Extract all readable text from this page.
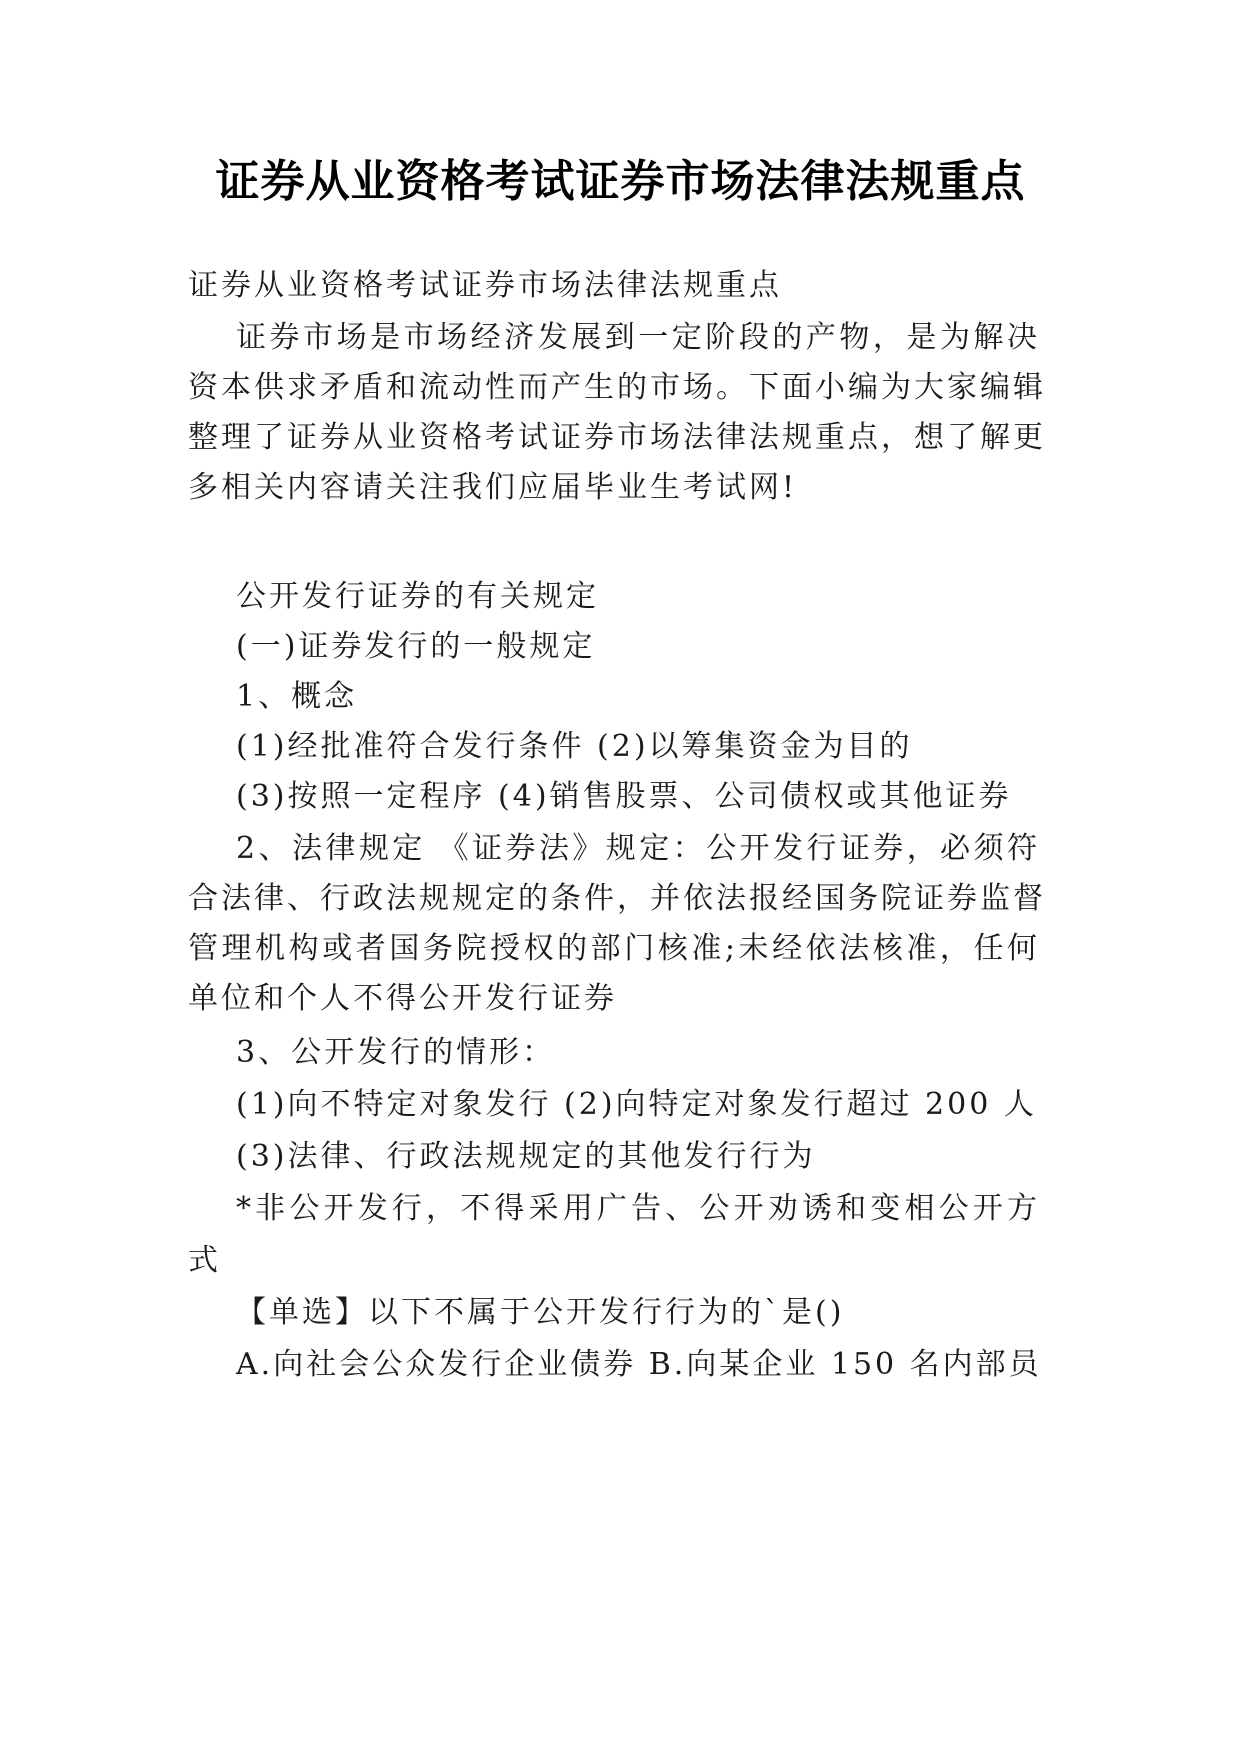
证券从业资格考试证券市场法律法规重点
证券从业资格考试证券市场法律法规重点
证券市场是市场经济发展到一定阶段的产物，是为解决
资本供求矛盾和流动性而产生的市场。下面小编为大家编辑
整理了证券从业资格考试证券市场法律法规重点，想了解更
多相关内容请关注我们应届毕业生考试网!
公开发行证券的有关规定
(一)证券发行的一般规定
1、概念
(1)经批准符合发行条件 (2)以筹集资金为目的
(3)按照一定程序 (4)销售股票、公司债权或其他证券
2、法律规定 《证券法》规定：公开发行证券，必须符
合法律、行政法规规定的条件，并依法报经国务院证券监督
管理机构或者国务院授权的部门核准;未经依法核准，任何
单位和个人不得公开发行证券
3、公开发行的情形：
(1)向不特定对象发行 (2)向特定对象发行超过 200 人
(3)法律、行政法规规定的其他发行行为
*非公开发行，不得采用广告、公开劝诱和变相公开方
式
【单选】以下不属于公开发行行为的`是()
A.向社会公众发行企业债券 B.向某企业 150 名内部员
